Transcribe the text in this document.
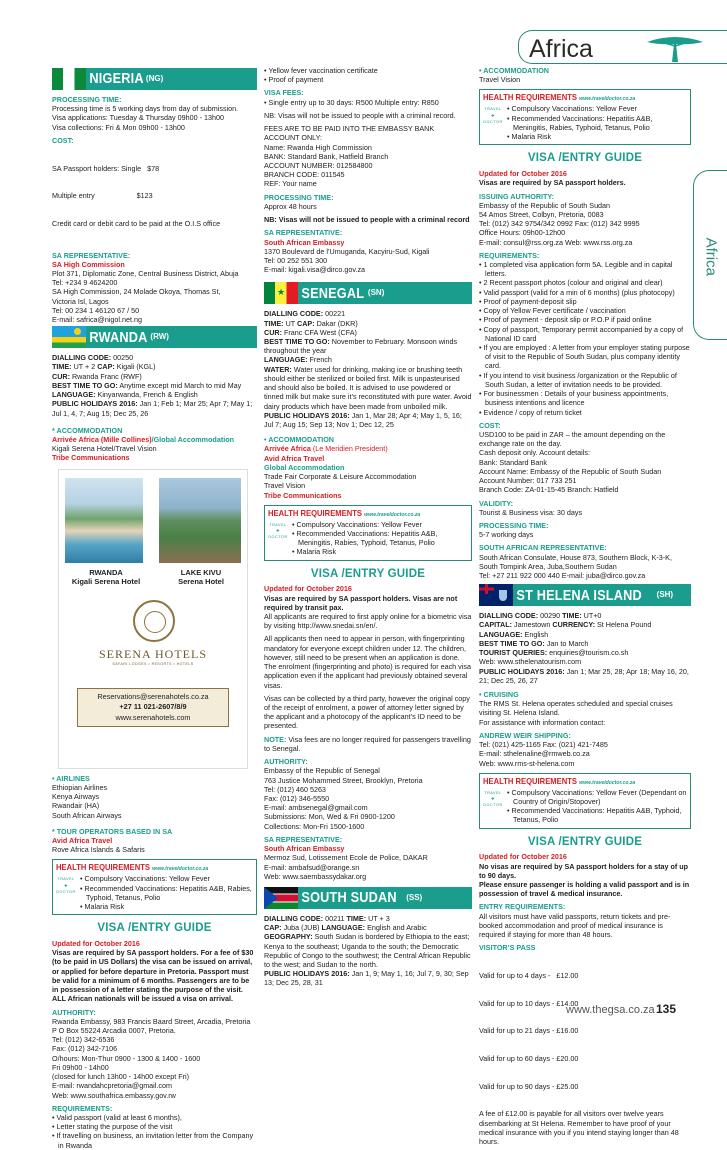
Africa
Africa
www.thegsa.co.za 135
NIGERIA (NG)
PROCESSING TIME:
Processing time is 5 working days from day of submission.
Visa applications: Tuesday & Thursday 09h00 - 13h00
Visa collections: Fri & Mon 09h00 - 13h00
COST:

SA Passport holders: Single   $78

Multiple entry                     $123

Credit card or debit card to be paid at the O.I.S office

SA REPRESENTATIVE:
SA High Commission
Plot 371, Diplomatic Zone, Central Business District, Abuja
Tel: +234 9 4624200
SA High Commission, 24 Molade Okoya, Thomas St,
Victoria Isl, Lagos
Tel: 00 234 1 46120 67 / 50
E-mail: safrica@nigol.net.ng
RWANDA (RW)
DIALLING CODE: 00250
TIME: UT + 2 CAP: Kigali (KGL)
CUR: Rwanda Franc (RWF)
BEST TIME TO GO: Anytime except mid March to mid May
LANGUAGE: Kinyarwanda, French & English
PUBLIC HOLIDAYS 2016: Jan 1; Feb 1; Mar 25; Apr 7; May 1; Jul 1, 4, 7; Aug 15; Dec 25, 26
* ACCOMMODATION
Arrivée Africa (Mille Collines)/Global Accommodation
Kigali Serena Hotel/Travel Vision
Tribe Communications
RWANDA
Kigali Serena Hotel
LAKE KIVU
Serena Hotel
SERENA HOTELS
SAFARI LODGES • RESORTS • HOTELS
Reservations@serenahotels.co.za
+27 11 021-2607/8/9
www.serenahotels.com
• AIRLINES
Ethiopian Airlines
Kenya Airways
Rwandair (HA)
South African Airways
* TOUR OPERATORS BASED IN SA
Avid Africa Travel
Rove Africa Islands & Safaris
HEALTH REQUIREMENTS www.traveldoctor.co.za
TRAVEL
✚
DOCTOR
• Compulsory Vaccinations: Yellow Fever
• Recommended Vaccinations: Hepatitis A&B, Rabies, Typhoid, Tetanus, Polio
• Malaria Risk
VISA /ENTRY GUIDE
Updated for October 2016
Visas are required by SA passport holders. For a fee of $30 (to be paid in US Dollars) the visa can be issued on arrival, or applied for before departure in Pretoria. Passport must be valid for a minimum of 6 months. Passengers are to be in possession of a letter stating the purpose of the visit.
ALL African nationals will be issued a visa on arrival.
AUTHORITY:
Rwanda Embassy, 983 Francis Baard Street, Arcadia, Pretoria
P O Box 55224 Arcadia 0007, Pretoria.
Tel: (012) 342-6536
Fax: (012) 342-7106
O/hours: Mon-Thur 0900 - 1300 & 1400 - 1600
Fri 09h00 - 14h00
(closed for lunch 13h00 - 14h00 except Fri)
E-mail: rwandahcpretoria@gmail.com
Web: www.southafrica.embassy.gov.rw
REQUIREMENTS:
• Valid passport (valid at least 6 months),
• Letter stating the purpose of the visit
• If travelling on business, an invitation letter from the Company in Rwanda
• Yellow fever vaccination certificate
• Proof of payment
VISA FEES:
• Single entry up to 30 days: R500 Multiple entry: R850
NB: Visas will not be issued to people with a criminal record.
FEES ARE TO BE PAID INTO THE EMBASSY BANK
ACCOUNT ONLY:
Name: Rwanda High Commission
BANK: Standard Bank, Hatfield Branch
ACCOUNT NUMBER: 012584800
BRANCH CODE: 011545
REF: Your name
PROCESSING TIME:
Approx 48 hours
NB: Visas will not be issued to people with a criminal record
SA REPRESENTATIVE:
South African Embassy
1370 Boulevard de l’Umuganda, Kacyiru-Sud, Kigali
Tel: 00 252 551 300
E-mail: kigali.visa@dirco.gov.za
★ SENEGAL (SN)
DIALLING CODE: 00221
TIME: UT CAP: Dakar (DKR)
CUR: Franc CFA West (CFA)
BEST TIME TO GO: November to February. Monsoon winds throughout the year
LANGUAGE: French
WATER: Water used for drinking, making ice or brushing teeth should either be sterilized or boiled first. Milk is unpasteurised and should also be boiled. It is advised to use powdered or tinned milk but make sure it’s reconstituted with pure water. Avoid dairy products which have been made from unboiled milk.
PUBLIC HOLIDAYS 2016: Jan 1, Mar 28; Apr 4; May 1, 5, 16; Jul 7; Aug 15; Sep 13; Nov 1; Dec 12, 25
• ACCOMMODATION
Arrivée Africa (Le Meridien President)
Avid Africa Travel
Global Accommodation
Trade Fair Corporate & Leisure Accommodation
Travel Vision
Tribe Communications
HEALTH REQUIREMENTS www.traveldoctor.co.za
TRAVEL
✚
DOCTOR
• Compulsory Vaccinations: Yellow Fever
• Recommended Vaccinations: Hepatitis A&B, Meningitis, Rabies, Typhoid, Tetanus, Polio
• Malaria Risk
VISA /ENTRY GUIDE
Updated for October 2016
Visas are required by SA passport holders. Visas are not required by transit pax.
All applicants are required to first apply online for a biometric visa by visiting http://www.snedai.sn/en/.
All applicants then need to appear in person, with fingerprinting mandatory for everyone except children under 12. The children, however, still need to be present when an application is done. The enrolment (fingerprinting and photo) is required for each visa application even if the applicant had previously obtained several visas.
Visas can be collected by a third party, however the original copy of the receipt of enrolment, a power of attorney letter signed by the applicant and a photocopy of the applicant’s ID need to be presented.
NOTE: Visa fees are no longer required for passengers travelling to Senegal.
AUTHORITY:
Embassy of the Republic of Senegal
763 Justice Mohammed Street, Brooklyn, Pretoria
Tel: (012) 460 5263
Fax: (012) 346-5550
E-mail: ambsenegal@gmail.com
Submissions: Mon, Wed & Fri 0900-1200
Collections: Mon-Fri 1500-1600
SA REPRESENTATIVE:
South African Embassy
Mermoz Sud, Lotissement Ecole de Police, DAKAR
E-mail: ambafsud@orange.sn
Web: www.saembassydakar.org
SOUTH SUDAN (SS)
DIALLING CODE: 00211 TIME: UT + 3
CAP: Juba (JUB) LANGUAGE: English and Arabic
GEOGRAPHY: South Sudan is bordered by Ethiopia to the east; Kenya to the southeast; Uganda to the south; the Democratic Republic of Congo to the southwest; the Central African Republic to the west; and Sudan to the north.
PUBLIC HOLIDAYS 2016: Jan 1, 9; May 1, 16; Jul 7, 9, 30; Sep 13; Dec 25, 28, 31
• ACCOMMODATION
Travel Vision
HEALTH REQUIREMENTS www.traveldoctor.co.za
TRAVEL
✚
DOCTOR
• Compulsory Vaccinations: Yellow Fever
• Recommended Vaccinations: Hepatitis A&B, Meningitis, Rabies, Typhoid, Tetanus, Polio
• Malaria Risk
VISA /ENTRY GUIDE
Updated for October 2016
Visas are required by SA passport holders.
ISSUING AUTHORITY:
Embassy of the Republic of South Sudan
54 Amos Street, Colbyn, Pretoria, 0083
Tel: (012) 342 9754/342 0992 Fax: (012) 342 9995
Office Hours: 09h00-12h00
E-mail: consul@rss.org.za Web: www.rss.org.za
REQUIREMENTS:
• 1 completed visa application form 5A. Legible and in capital letters.
• 2 Recent passport photos (colour and original and clear)
• Valid passport (valid for a min of 6 months) (plus photocopy)
• Proof of payment-deposit slip
• Copy of Yellow Fever certificate / vaccination
• Proof of payment - deposit slip or P.O.P if paid online
• Copy of passport, Temporary permit accompanied by a copy of National ID card
• If you are employed : A letter from your employer stating purpose of visit to the Republic of South Sudan, plus company identity card.
• If you intend to visit business /organization or the Republic of South Sudan, a letter of invitation needs to be provided.
• For businessmen : Details of your business appointments, business intentions and licence
• Evidence / copy of return ticket
COST:
USD100 to be paid in ZAR – the amount depending on the exchange rate on the day.
Cash deposit only. Account details:
Bank: Standard Bank
Account Name: Embassy of the Republic of South Sudan
Account Number: 017 733 251
Branch Code: ZA-01-15-45 Branch: Hatfield
VALIDITY:
Tourist & Business visa: 30 days
PROCESSING TIME:
5-7 working days
SOUTH AFRICAN REPRESENTATIVE:
South African Consulate, House 873, Southern Block, K-3-K, South Tompink Area, Juba,Southern Sudan
Tel: +27 211 922 000 440 E-mail: juba@dirco.gov.za
ST HELENA ISLAND (SH)
DIALLING CODE: 00290 TIME: UT+0
CAPITAL: Jamestown CURRENCY: St Helena Pound
LANGUAGE: English
BEST TIME TO GO: Jan to March
TOURIST QUERIES: enquiries@tourism.co.sh
Web: www.sthelenatourism.com
PUBLIC HOLIDAYS 2016: Jan 1; Mar 25, 28; Apr 18; May 16, 20, 21; Dec 25, 26, 27
• CRUISING
The RMS St. Helena operates scheduled and special cruises visiting St. Helena Island.
For assistance with information contact:
ANDREW WEIR SHIPPING:
Tel: (021) 425-1165 Fax: (021) 421-7485
E-mail: sthelenaline@rmweb.co.za
Web: www.rms-st-helena.com
HEALTH REQUIREMENTS www.traveldoctor.co.za
TRAVEL
✚
DOCTOR
• Compulsory Vaccinations: Yellow Fever (Dependant on Country of Origin/Stopover)
• Recommended Vaccinations: Hepatitis A&B, Typhoid, Tetanus, Polio
VISA /ENTRY GUIDE
Updated for October 2016
No visas are required by SA passport holders for a stay of up to 90 days.
Please ensure passenger is holding a valid passport and is in possession of travel & medical insurance.
ENTRY REQUIREMENTS:
All visitors must have valid passports, return tickets and pre-booked accommodation and proof of medical insurance is required if staying for more than 48 hours.
VISITOR’S PASS

Valid for up to 4 days -   £12.00

Valid for up to 10 days - £14.00

Valid for up to 21 days - £16.00

Valid for up to 60 days - £20.00

Valid for up to 90 days - £25.00

A fee of £12.00 is payable for all visitors over twelve years disembarking at St Helena. Remember to have proof of your medical insurance with you if you intend staying longer than 48 hours.
